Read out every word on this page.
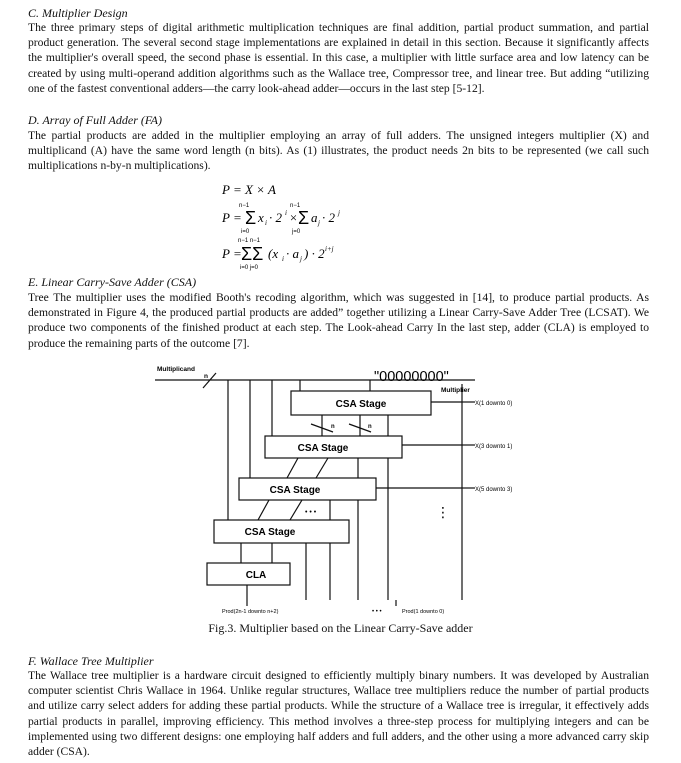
C. Multiplier Design
The three primary steps of digital arithmetic multiplication techniques are final addition, partial product summation, and partial product generation. The several second stage implementations are explained in detail in this section. Because it significantly affects the multiplier's overall speed, the second phase is essential. In this case, a multiplier with little surface area and low latency can be created by using multi-operand addition algorithms such as the Wallace tree, Compressor tree, and linear tree. But adding “utilizing one of the fastest conventional adders—the carry look-ahead adder—occurs in the last step [5-12].
D. Array of Full Adder (FA)
The partial products are added in the multiplier employing an array of full adders. The unsigned integers multiplier (X) and multiplicand (A) have the same word length (n bits). As (1) illustrates, the product needs 2n bits to be represented (we call such multiplications n-by-n multiplications).
P = X × A
P =
n−1
Σ
i=0
x i · 2 i ×
n−1
Σ
j=0
a j · 2 j
P =
n−1 n−1
ΣΣ
i=0 j=0
(x i · a j ) · 2 i+j
E. Linear Carry-Save Adder (CSA)
Tree The multiplier uses the modified Booth's recoding algorithm, which was suggested in [14], to produce partial products. As demonstrated in Figure 4, the produced partial products are added” together utilizing a Linear Carry-Save Adder Tree (LCSAT). We produce two components of the finished product at each step. The Look-ahead Carry In the last step, adder (CLA) is employed to produce the remaining parts of the outcome [7].
Multiplicand
n	"00000000"
Multiplier
CSA Stage
CSA Stage
CSA Stage
CSA Stage
CLA
n	n
X(1 downto 0)
X(3 downto 1)
X(5 downto 3)
• • •	⋮
Prod(2n-1 downto n+2)	• • •	Prod(1 downto 0)
Fig.3. Multiplier based on the Linear Carry-Save adder
F. Wallace Tree Multiplier
The Wallace tree multiplier is a hardware circuit designed to efficiently multiply binary numbers. It was developed by Australian computer scientist Chris Wallace in 1964. Unlike regular structures, Wallace tree multipliers reduce the number of partial products and utilize carry select adders for adding these partial products. While the structure of a Wallace tree is irregular, it effectively adds partial products in parallel, improving efficiency. This method involves a three-step process for multiplying integers and can be implemented using two different designs: one employing half adders and full adders, and the other using a more advanced carry skip adder (CSA).
